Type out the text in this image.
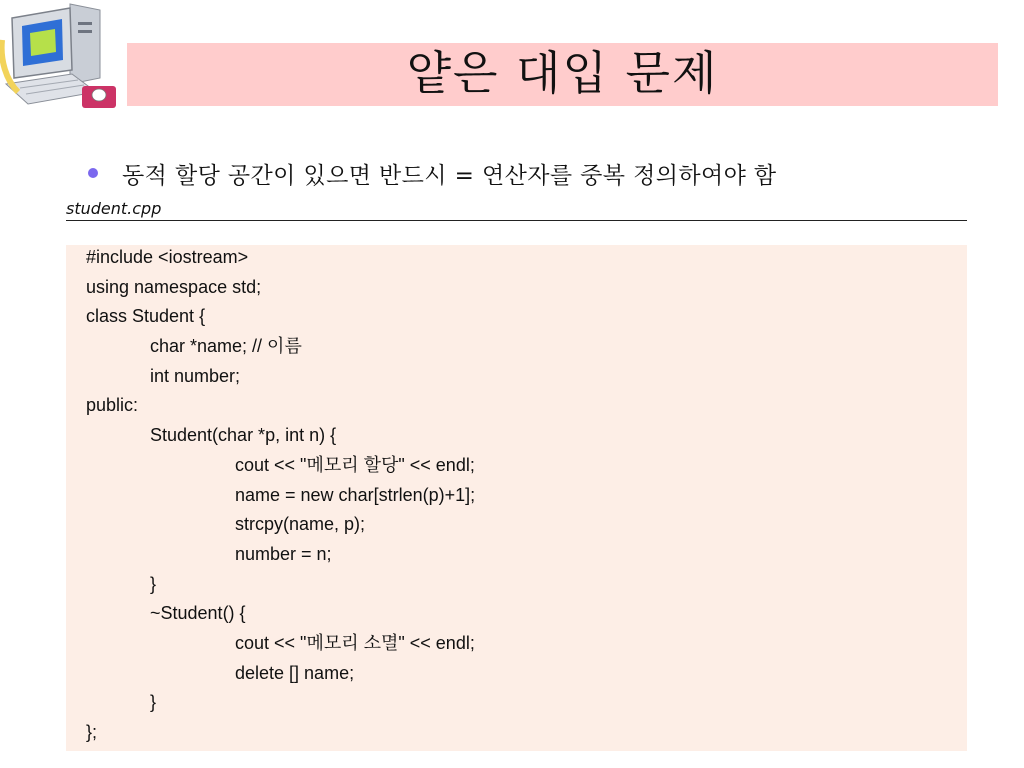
얕은 대입 문제
동적 할당 공간이 있으면 반드시 = 연산자를 중복 정의하여야 함
student.cpp
#include <iostream>
using namespace std;
class Student {
char *name; // 이름
int number;
public:
Student(char *p, int n) {
cout << "메모리 할당" << endl;
name = new char[strlen(p)+1];
strcpy(name, p);
number = n;
}
~Student() {
cout << "메모리 소멸" << endl;
delete [] name;
}
};
